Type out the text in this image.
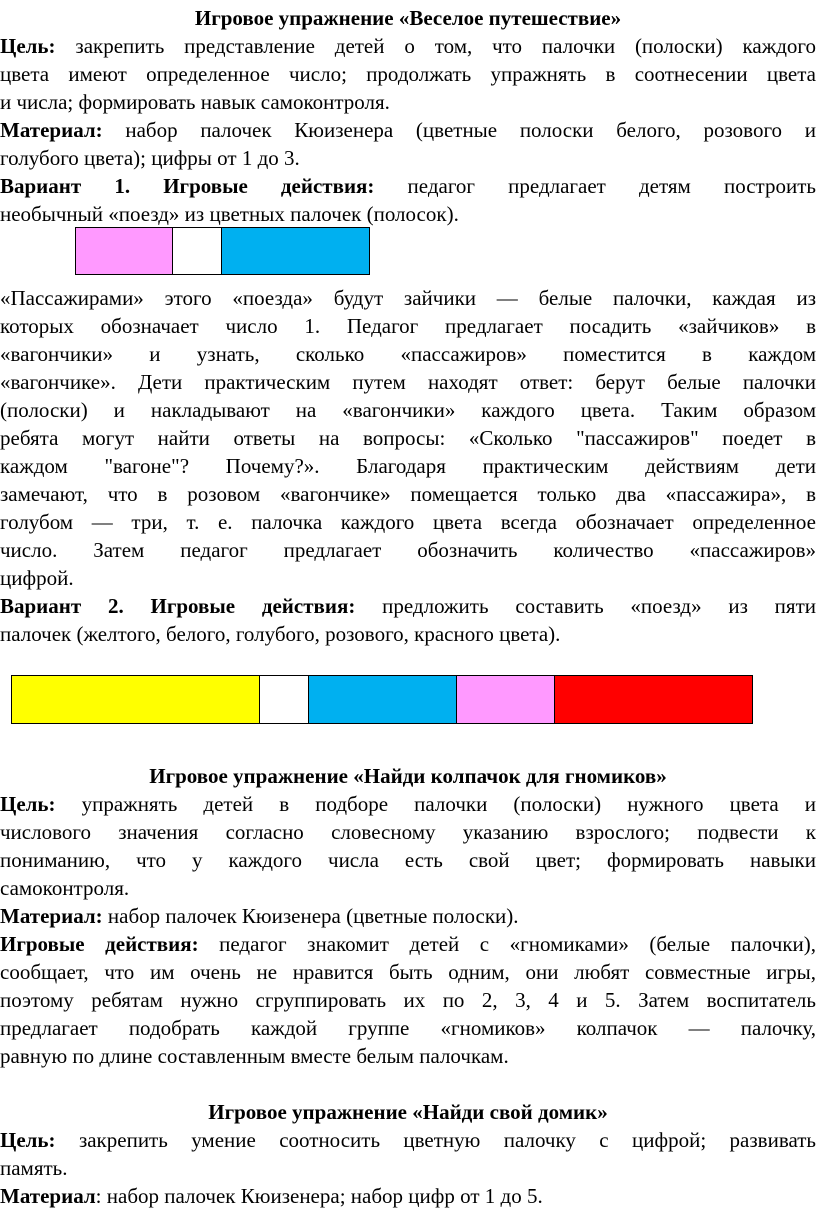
Игровое упражнение «Веселое путешествие»

Цель: закрепить представление детей о том, что палочки (полоски) каждого

цвета имеют определенное число; продолжать упражнять в соотнесении цвета

и числа; формировать навык самоконтроля.

Материал: набор палочек Кюизенера (цветные полоски белого, розового и

голубого цвета); цифры от 1 до 3.

Вариант 1. Игровые действия: педагог предлагает детям построить

необычный «поезд» из цветных палочек (полосок).

«Пассажирами» этого «поезда» будут зайчики — белые палочки, каждая из

которых обозначает число 1. Педагог предлагает посадить «зайчиков» в

«вагончики» и узнать, сколько «пассажиров» поместится в каждом

«вагончике». Дети практическим путем находят ответ: берут белые палочки

(полоски) и накладывают на «вагончики» каждого цвета. Таким образом

ребята могут найти ответы на вопросы: «Сколько "пассажиров" поедет в

каждом "вагоне"? Почему?». Благодаря практическим действиям дети

замечают, что в розовом «вагончике» помещается только два «пассажира», в

голубом — три, т. е. палочка каждого цвета всегда обозначает определенное

число. Затем педагог предлагает обозначить количество «пассажиров»

цифрой.

Вариант 2. Игровые действия: предложить составить «поезд» из пяти

палочек (желтого, белого, голубого, розового, красного цвета).

Игровое упражнение «Найди колпачок для гномиков»

Цель: упражнять детей в подборе палочки (полоски) нужного цвета и

числового значения согласно словесному указанию взрослого; подвести к

пониманию, что у каждого числа есть свой цвет; формировать навыки

самоконтроля.

Материал: набор палочек Кюизенера (цветные полоски).

Игровые действия: педагог знакомит детей с «гномиками» (белые палочки),

сообщает, что им очень не нравится быть одним, они любят совместные игры,

поэтому ребятам нужно сгруппировать их по 2, 3, 4 и 5. Затем воспитатель

предлагает подобрать каждой группе «гномиков» колпачок — палочку,

равную по длине составленным вместе белым палочкам.

Игровое упражнение «Найди свой домик»

Цель: закрепить умение соотносить цветную палочку с цифрой; развивать

память.

Материал: набор палочек Кюизенера; набор цифр от 1 до 5.
